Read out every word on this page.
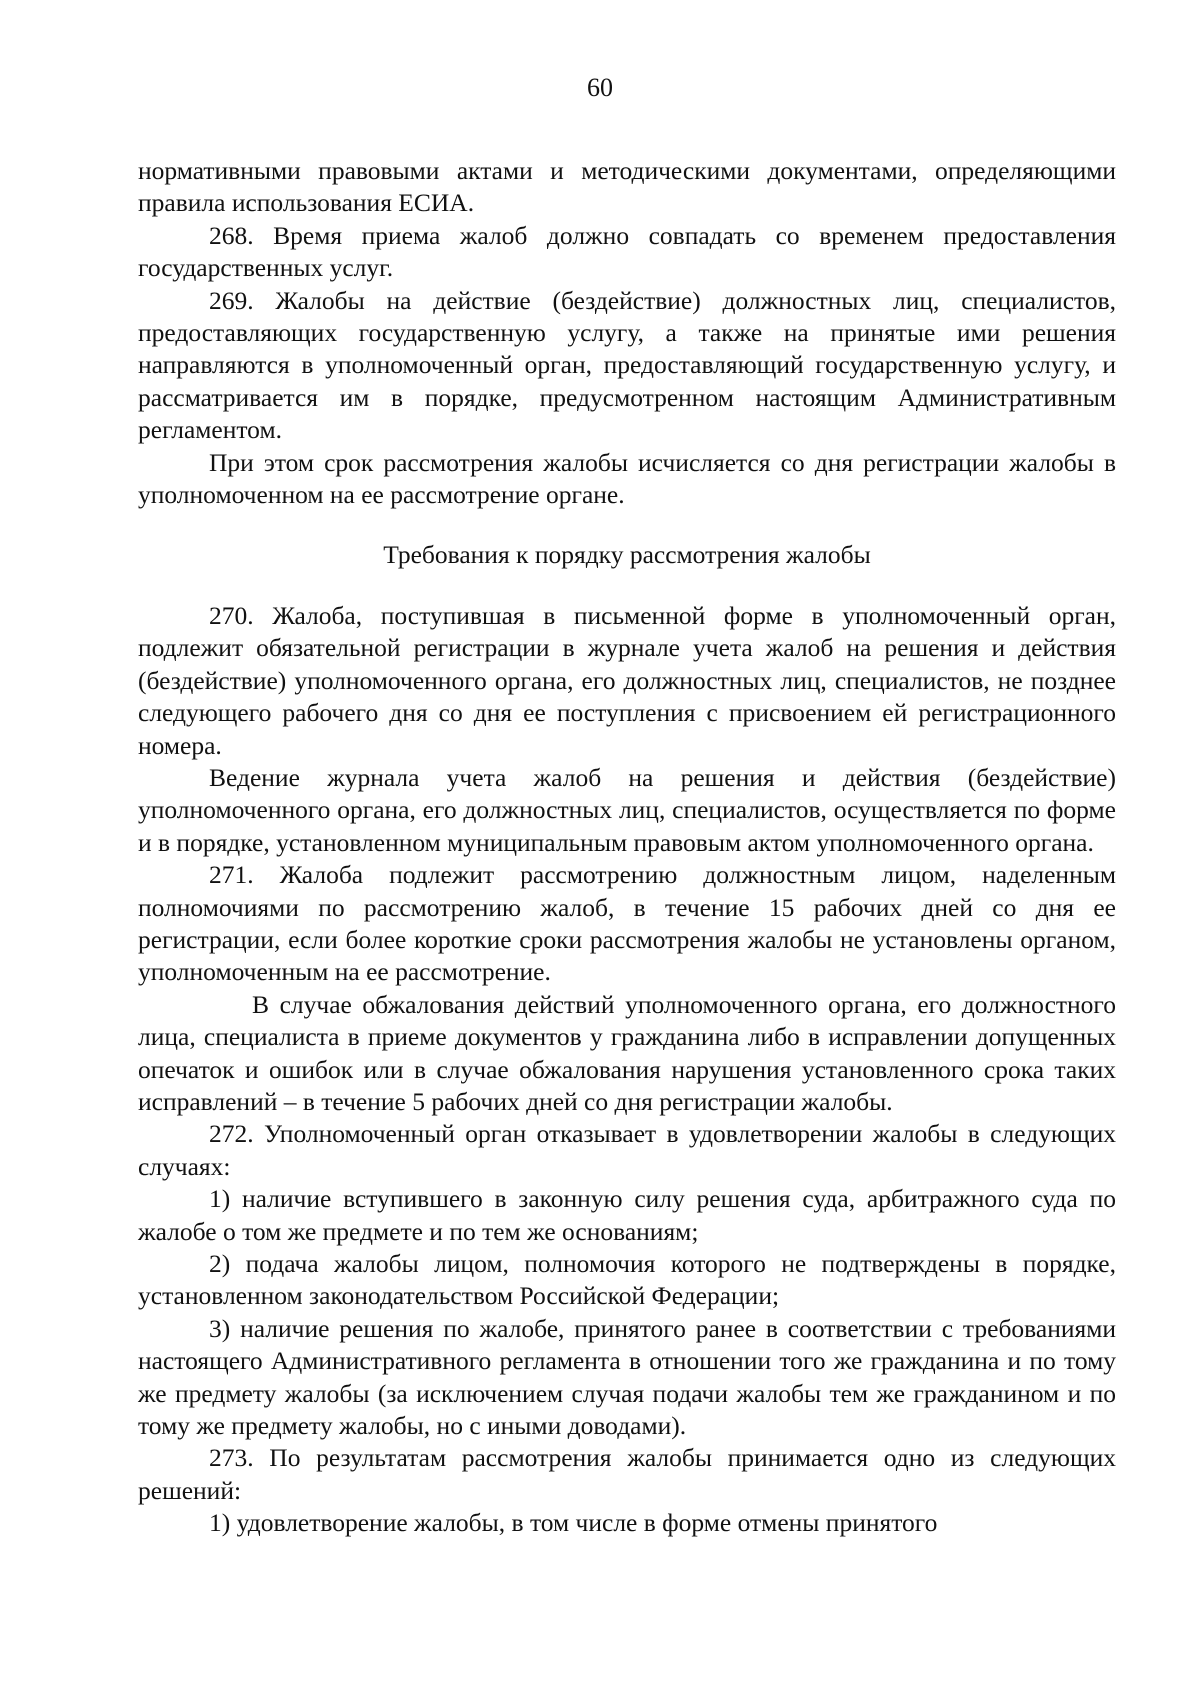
60

нормативными правовыми актами и методическими документами, определяющими правила использования ЕСИА.

268. Время приема жалоб должно совпадать со временем предоставления государственных услуг.

269. Жалобы на действие (бездействие) должностных лиц, специалистов, предоставляющих государственную услугу, а также на принятые ими решения направляются в уполномоченный орган, предоставляющий государственную услугу, и рассматривается им в порядке, предусмотренном настоящим Административным регламентом.

При этом срок рассмотрения жалобы исчисляется со дня регистрации жалобы в уполномоченном на ее рассмотрение органе.

Требования к порядку рассмотрения жалобы

270. Жалоба, поступившая в письменной форме в уполномоченный орган, подлежит обязательной регистрации в журнале учета жалоб на решения и действия (бездействие) уполномоченного органа, его должностных лиц, специалистов, не позднее следующего рабочего дня со дня ее поступления с присвоением ей регистрационного номера.

Ведение журнала учета жалоб на решения и действия (бездействие) уполномоченного органа, его должностных лиц, специалистов, осуществляется по форме и в порядке, установленном муниципальным правовым актом уполномоченного органа.

271. Жалоба подлежит рассмотрению должностным лицом, наделенным полномочиями по рассмотрению жалоб, в течение 15 рабочих дней со дня ее регистрации, если более короткие сроки рассмотрения жалобы не установлены органом, уполномоченным на ее рассмотрение.

В случае обжалования действий уполномоченного органа, его должностного лица, специалиста в приеме документов у гражданина либо в исправлении допущенных опечаток и ошибок или в случае обжалования нарушения установленного срока таких исправлений – в течение 5 рабочих дней со дня регистрации жалобы.

272. Уполномоченный орган отказывает в удовлетворении жалобы в следующих случаях:

1) наличие вступившего в законную силу решения суда, арбитражного суда по жалобе о том же предмете и по тем же основаниям;

2) подача жалобы лицом, полномочия которого не подтверждены в порядке, установленном законодательством Российской Федерации;

3) наличие решения по жалобе, принятого ранее в соответствии с требованиями настоящего Административного регламента в отношении того же гражданина и по тому же предмету жалобы (за исключением случая подачи жалобы тем же гражданином и по тому же предмету жалобы, но с иными доводами).

273. По результатам рассмотрения жалобы принимается одно из следующих решений:

1) удовлетворение жалобы, в том числе в форме отмены принятого
